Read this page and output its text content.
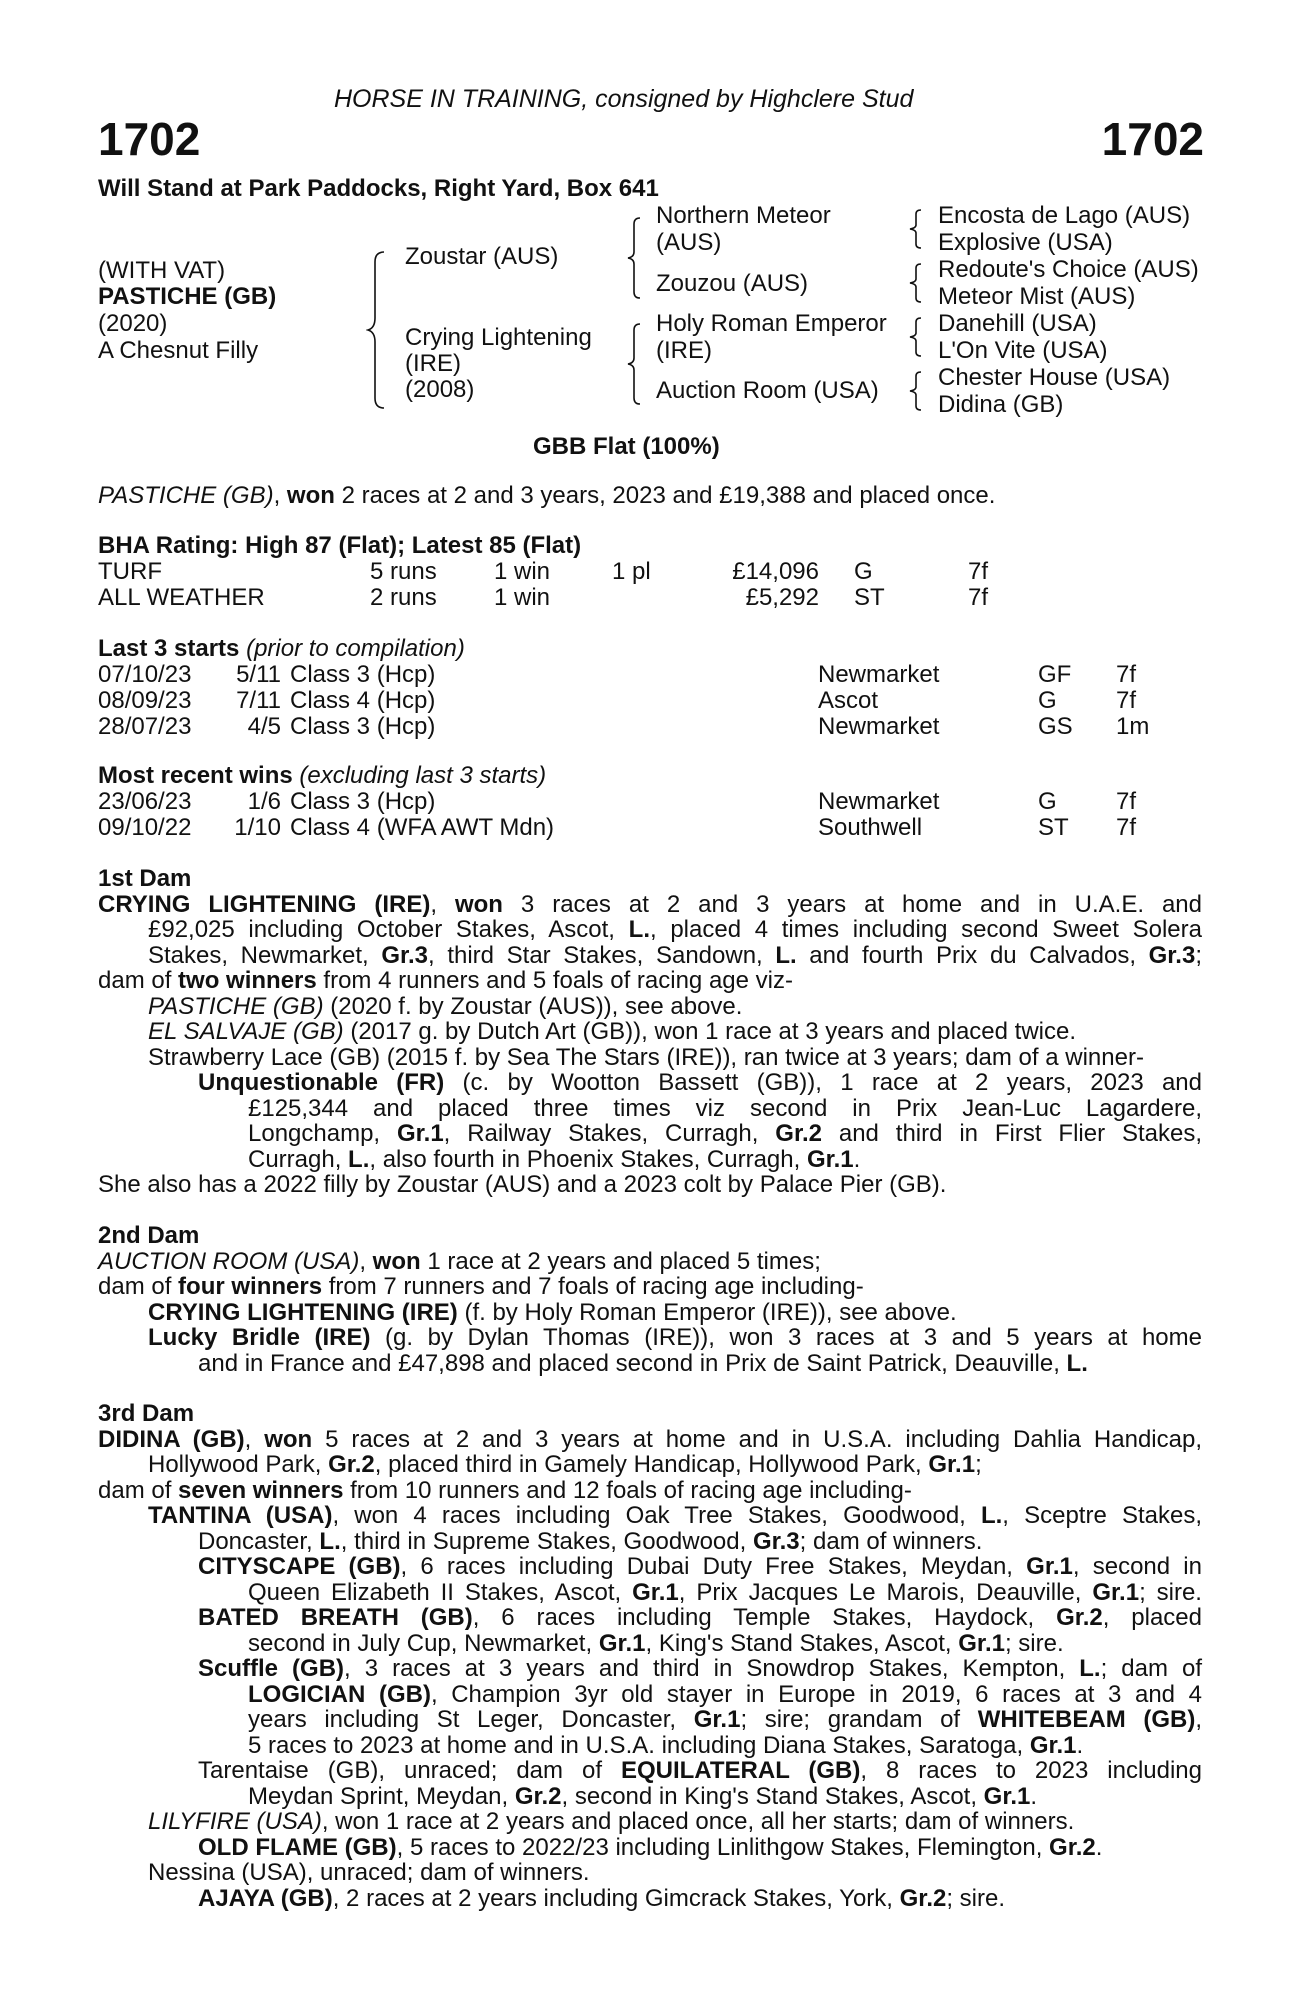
HORSE IN TRAINING, consigned by Highclere Stud
1702	1702
Will Stand at Park Paddocks, Right Yard, Box 641
(WITH VAT)
PASTICHE (GB)
(2020)
A Chesnut Filly
Zoustar (AUS)
Crying Lightening
(IRE)
(2008)
Northern Meteor
(AUS)
Zouzou (AUS)
Holy Roman Emperor
(IRE)
Auction Room (USA)
Encosta de Lago (AUS)
Explosive (USA)
Redoute's Choice (AUS)
Meteor Mist (AUS)
Danehill (USA)
L'On Vite (USA)
Chester House (USA)
Didina (GB)
GBB Flat (100%)
PASTICHE (GB), won 2 races at 2 and 3 years, 2023 and £19,388 and placed once.
BHA Rating: High 87 (Flat); Latest 85 (Flat)
TURF	5 runs 1 win	1 pl	£14,096 G	7f
ALL WEATHER	2 runs 1 win	£5,292 ST	7f
Last 3 starts (prior to compilation)
07/10/23 5/11 Class 3 (Hcp)	Newmarket	GF 7f
08/09/23 7/11 Class 4 (Hcp)	Ascot	G 7f
28/07/23 4/5 Class 3 (Hcp)	Newmarket	GS 1m
Most recent wins (excluding last 3 starts)
23/06/23 1/6 Class 3 (Hcp)	Newmarket	G 7f
09/10/22 1/10 Class 4 (WFA AWT Mdn)	Southwell	ST 7f

1st Dam

CRYING LIGHTENING (IRE), won 3 races at 2 and 3 years at home and in U.A.E. and

£92,025 including October Stakes, Ascot, L., placed 4 times including second Sweet Solera

Stakes, Newmarket, Gr.3, third Star Stakes, Sandown, L. and fourth Prix du Calvados, Gr.3;

dam of two winners from 4 runners and 5 foals of racing age viz-

PASTICHE (GB) (2020 f. by Zoustar (AUS)), see above.

EL SALVAJE (GB) (2017 g. by Dutch Art (GB)), won 1 race at 3 years and placed twice.

Strawberry Lace (GB) (2015 f. by Sea The Stars (IRE)), ran twice at 3 years; dam of a winner-

Unquestionable (FR) (c. by Wootton Bassett (GB)), 1 race at 2 years, 2023 and

£125,344 and placed three times viz second in Prix Jean-Luc Lagardere,

Longchamp, Gr.1, Railway Stakes, Curragh, Gr.2 and third in First Flier Stakes,

Curragh, L., also fourth in Phoenix Stakes, Curragh, Gr.1.

She also has a 2022 filly by Zoustar (AUS) and a 2023 colt by Palace Pier (GB).

2nd Dam

AUCTION ROOM (USA), won 1 race at 2 years and placed 5 times;

dam of four winners from 7 runners and 7 foals of racing age including-

CRYING LIGHTENING (IRE) (f. by Holy Roman Emperor (IRE)), see above.

Lucky Bridle (IRE) (g. by Dylan Thomas (IRE)), won 3 races at 3 and 5 years at home

and in France and £47,898 and placed second in Prix de Saint Patrick, Deauville, L.

3rd Dam

DIDINA (GB), won 5 races at 2 and 3 years at home and in U.S.A. including Dahlia Handicap,

Hollywood Park, Gr.2, placed third in Gamely Handicap, Hollywood Park, Gr.1;

dam of seven winners from 10 runners and 12 foals of racing age including-

TANTINA (USA), won 4 races including Oak Tree Stakes, Goodwood, L., Sceptre Stakes,

Doncaster, L., third in Supreme Stakes, Goodwood, Gr.3; dam of winners.

CITYSCAPE (GB), 6 races including Dubai Duty Free Stakes, Meydan, Gr.1, second in

Queen Elizabeth II Stakes, Ascot, Gr.1, Prix Jacques Le Marois, Deauville, Gr.1; sire.

BATED BREATH (GB), 6 races including Temple Stakes, Haydock, Gr.2, placed

second in July Cup, Newmarket, Gr.1, King's Stand Stakes, Ascot, Gr.1; sire.

Scuffle (GB), 3 races at 3 years and third in Snowdrop Stakes, Kempton, L.; dam of

LOGICIAN (GB), Champion 3yr old stayer in Europe in 2019, 6 races at 3 and 4

years including St Leger, Doncaster, Gr.1; sire; grandam of WHITEBEAM (GB),

5 races to 2023 at home and in U.S.A. including Diana Stakes, Saratoga, Gr.1.

Tarentaise (GB), unraced; dam of EQUILATERAL (GB), 8 races to 2023 including

Meydan Sprint, Meydan, Gr.2, second in King's Stand Stakes, Ascot, Gr.1.

LILYFIRE (USA), won 1 race at 2 years and placed once, all her starts; dam of winners.

OLD FLAME (GB), 5 races to 2022/23 including Linlithgow Stakes, Flemington, Gr.2.

Nessina (USA), unraced; dam of winners.

AJAYA (GB), 2 races at 2 years including Gimcrack Stakes, York, Gr.2; sire.
